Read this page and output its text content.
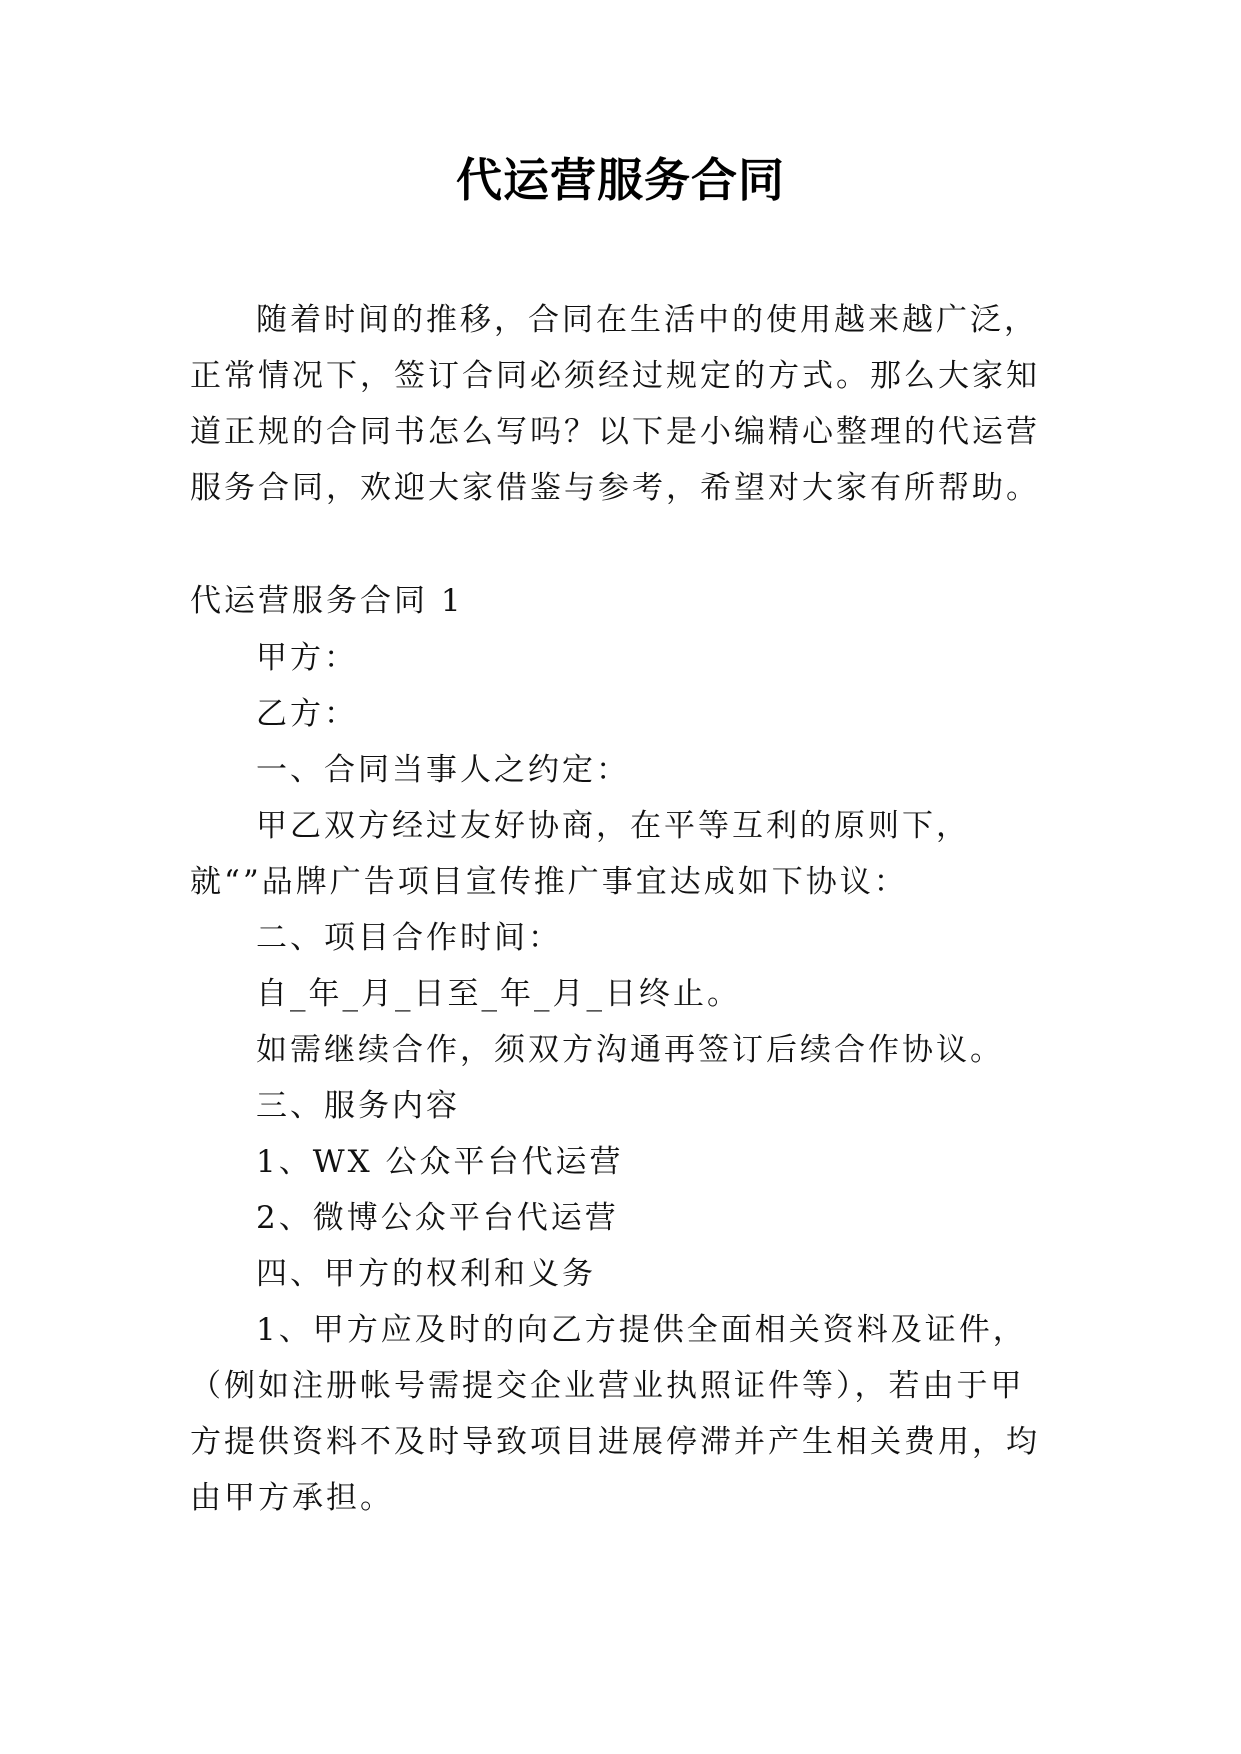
代运营服务合同

随着时间的推移，合同在生活中的使用越来越广泛，正常情况下，签订合同必须经过规定的方式。那么大家知道正规的合同书怎么写吗？以下是小编精心整理的代运营服务合同，欢迎大家借鉴与参考，希望对大家有所帮助。

代运营服务合同 1

甲方：

乙方：

一、合同当事人之约定：

甲乙双方经过友好协商，在平等互利的原则下，就“”品牌广告项目宣传推广事宜达成如下协议：

二、项目合作时间：

自_年_月_日至_年_月_日终止。

如需继续合作，须双方沟通再签订后续合作协议。

三、服务内容

1、WX 公众平台代运营

2、微博公众平台代运营

四、甲方的权利和义务

1、甲方应及时的向乙方提供全面相关资料及证件，（例如注册帐号需提交企业营业执照证件等），若由于甲方提供资料不及时导致项目进展停滞并产生相关费用，均由甲方承担。
